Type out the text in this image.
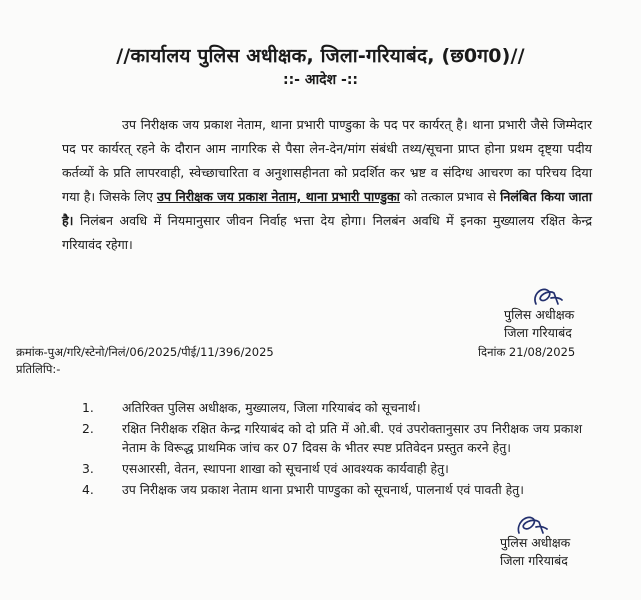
//कार्यालय पुलिस अधीक्षक, जिला-गरियाबंद, (छ0ग0)//
::- आदेश -::

उप निरीक्षक जय प्रकाश नेताम, थाना प्रभारी पाण्डुका के पद पर कार्यरत् है। थाना प्रभारी जैसे जिम्मेदार पद पर कार्यरत् रहने के दौरान आम नागरिक से पैसा लेन-देन/मांग संबंधी तथ्य/सूचना प्राप्त होना प्रथम दृष्ट्या पदीय कर्तव्यों के प्रति लापरवाही, स्वेच्छाचारिता व अनुशासहीनता को प्रदर्शित कर भ्रष्ट व संदिग्ध आचरण का परिचय दिया गया है। जिसके लिए उप निरीक्षक जय प्रकाश नेताम, थाना प्रभारी पाण्डुका को तत्काल प्रभाव से निलंबित किया जाता है। निलंबन अवधि में नियमानुसार जीवन निर्वाह भत्ता देय होगा। निलबंन अवधि में इनका मुख्यालय रक्षित केन्द्र गरियावंद रहेगा।

पुलिस अधीक्षक
जिला गरियाबंद
क्रमांक-पुअ/गरि/स्टेनो/निलं/06/2025/पीई/11/396/2025	दिनांक 21/08/2025
प्रतिलिपि:-
1.	अतिरिक्त पुलिस अधीक्षक, मुख्यालय, जिला गरियाबंद को सूचनार्थ।
2.	रक्षित निरीक्षक रक्षित केन्द्र गरियाबंद को दो प्रति में ओ.बी. एवं उपरोक्तानुसार उप निरीक्षक जय प्रकाश नेताम के विरूद्ध प्राथमिक जांच कर 07 दिवस के भीतर स्पष्ट प्रतिवेदन प्रस्तुत करने हेतु।
3.	एसआरसी, वेतन, स्थापना शाखा को सूचनार्थ एवं आवश्यक कार्यवाही हेतु।
4.	उप निरीक्षक जय प्रकाश नेताम थाना प्रभारी पाण्डुका को सूचनार्थ, पालनार्थ एवं पावती हेतु।
पुलिस अधीक्षक
जिला गरियाबंद
